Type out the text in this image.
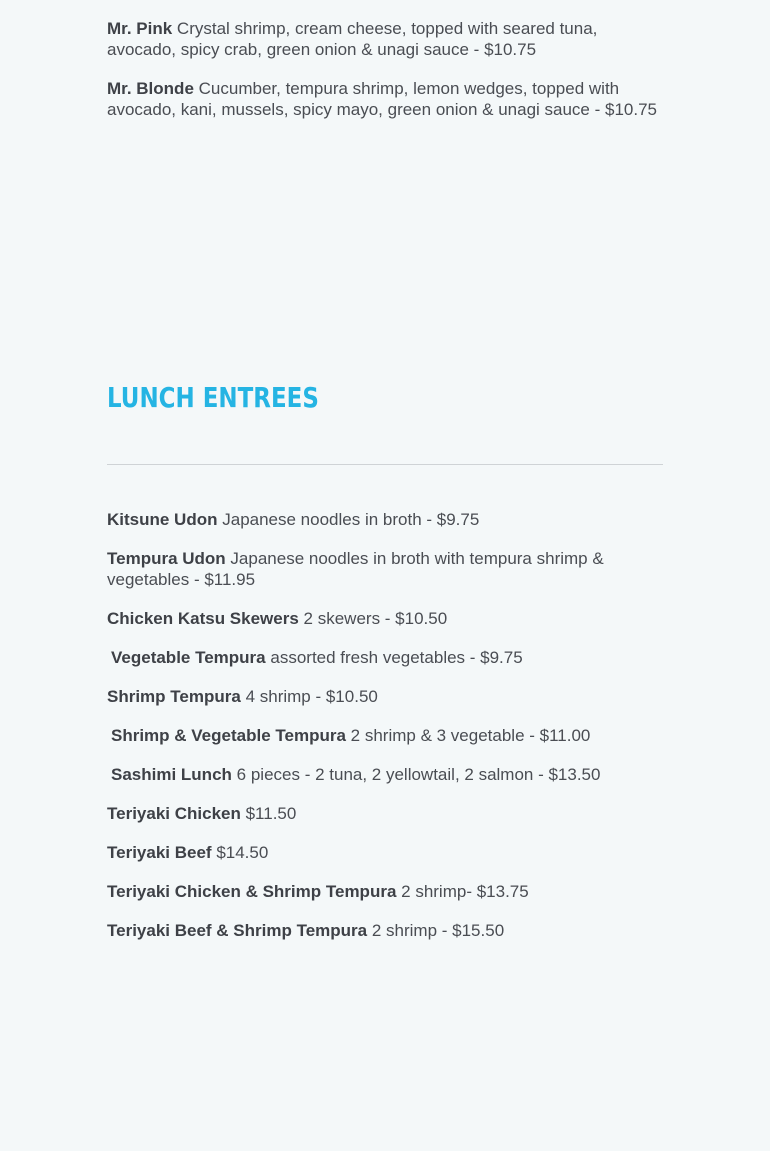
Mr. Pink Crystal shrimp, cream cheese, topped with seared tuna, avocado, spicy crab, green onion & unagi sauce - $10.75

Mr. Blonde Cucumber, tempura shrimp, lemon wedges, topped with avocado, kani, mussels, spicy mayo, green onion & unagi sauce - $10.75

LUNCH ENTREES

Kitsune Udon Japanese noodles in broth - $9.75

Tempura Udon Japanese noodles in broth with tempura shrimp & vegetables - $11.95

Chicken Katsu Skewers 2 skewers - $10.50

Vegetable Tempura assorted fresh vegetables - $9.75

Shrimp Tempura 4 shrimp - $10.50

Shrimp & Vegetable Tempura 2 shrimp & 3 vegetable - $11.00

Sashimi Lunch 6 pieces - 2 tuna, 2 yellowtail, 2 salmon - $13.50

Teriyaki Chicken $11.50

Teriyaki Beef $14.50

Teriyaki Chicken & Shrimp Tempura 2 shrimp- $13.75

Teriyaki Beef & Shrimp Tempura 2 shrimp - $15.50
